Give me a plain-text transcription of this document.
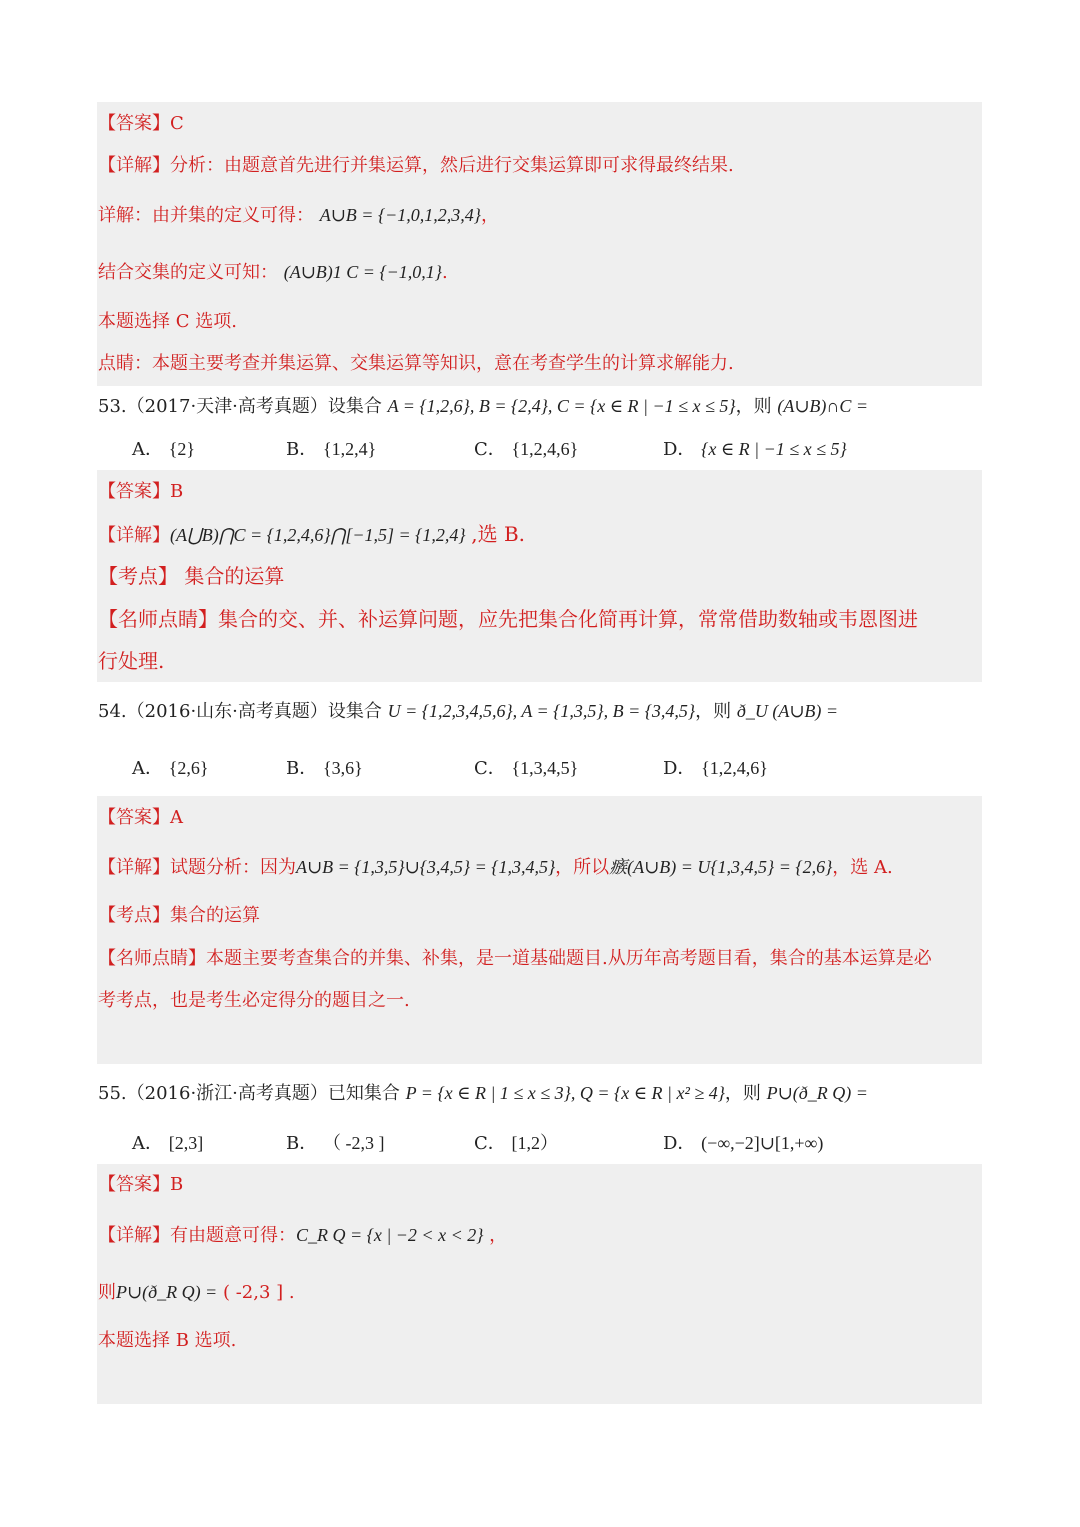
【答案】C
【详解】分析：由题意首先进行并集运算，然后进行交集运算即可求得最终结果.
详解：由并集的定义可得： A∪B = {−1,0,1,2,3,4}，
结合交集的定义可知： (A∪B)1 C = {−1,0,1}.
本题选择 C 选项.
点睛：本题主要考查并集运算、交集运算等知识，意在考查学生的计算求解能力.
53.（2017·天津·高考真题）设集合 A = {1,2,6}, B = {2,4}, C = {x ∈ R | −1 ≤ x ≤ 5}，则 (A∪B)∩C =
A． {2}	B． {1,2,4}	C． {1,2,4,6}	D． {x ∈ R | −1 ≤ x ≤ 5}
【答案】B
【详解】(A⋃B)⋂C = {1,2,4,6}⋂[−1,5] = {1,2,4} ,选 B.
【考点】 集合的运算
【名师点睛】集合的交、并、补运算问题，应先把集合化简再计算，常常借助数轴或韦恩图进
行处理.
54.（2016·山东·高考真题）设集合 U = {1,2,3,4,5,6}, A = {1,3,5}, B = {3,4,5}，则 ð_U (A∪B) =
A． {2,6}	B． {3,6}	C． {1,3,4,5}	D． {1,2,4,6}
【答案】A
【详解】试题分析：因为A∪B = {1,3,5}∪{3,4,5} = {1,3,4,5}，所以瘯(A∪B) = U{1,3,4,5} = {2,6}，选 A.
【考点】集合的运算
【名师点睛】本题主要考查集合的并集、补集，是一道基础题目.从历年高考题目看，集合的基本运算是必
考考点，也是考生必定得分的题目之一.
55.（2016·浙江·高考真题）已知集合 P = {x ∈ R | 1 ≤ x ≤ 3}, Q = {x ∈ R | x² ≥ 4}，则 P∪(ð_R Q) =
A． [2,3]	B． （ -2,3 ]	C． [1,2）	D． (−∞,−2]∪[1,+∞)
【答案】B
【详解】有由题意可得：C_R Q = {x | −2 < x < 2} ，
则P∪(ð_R Q) = ( -2,3 ] .
本题选择 B 选项.
